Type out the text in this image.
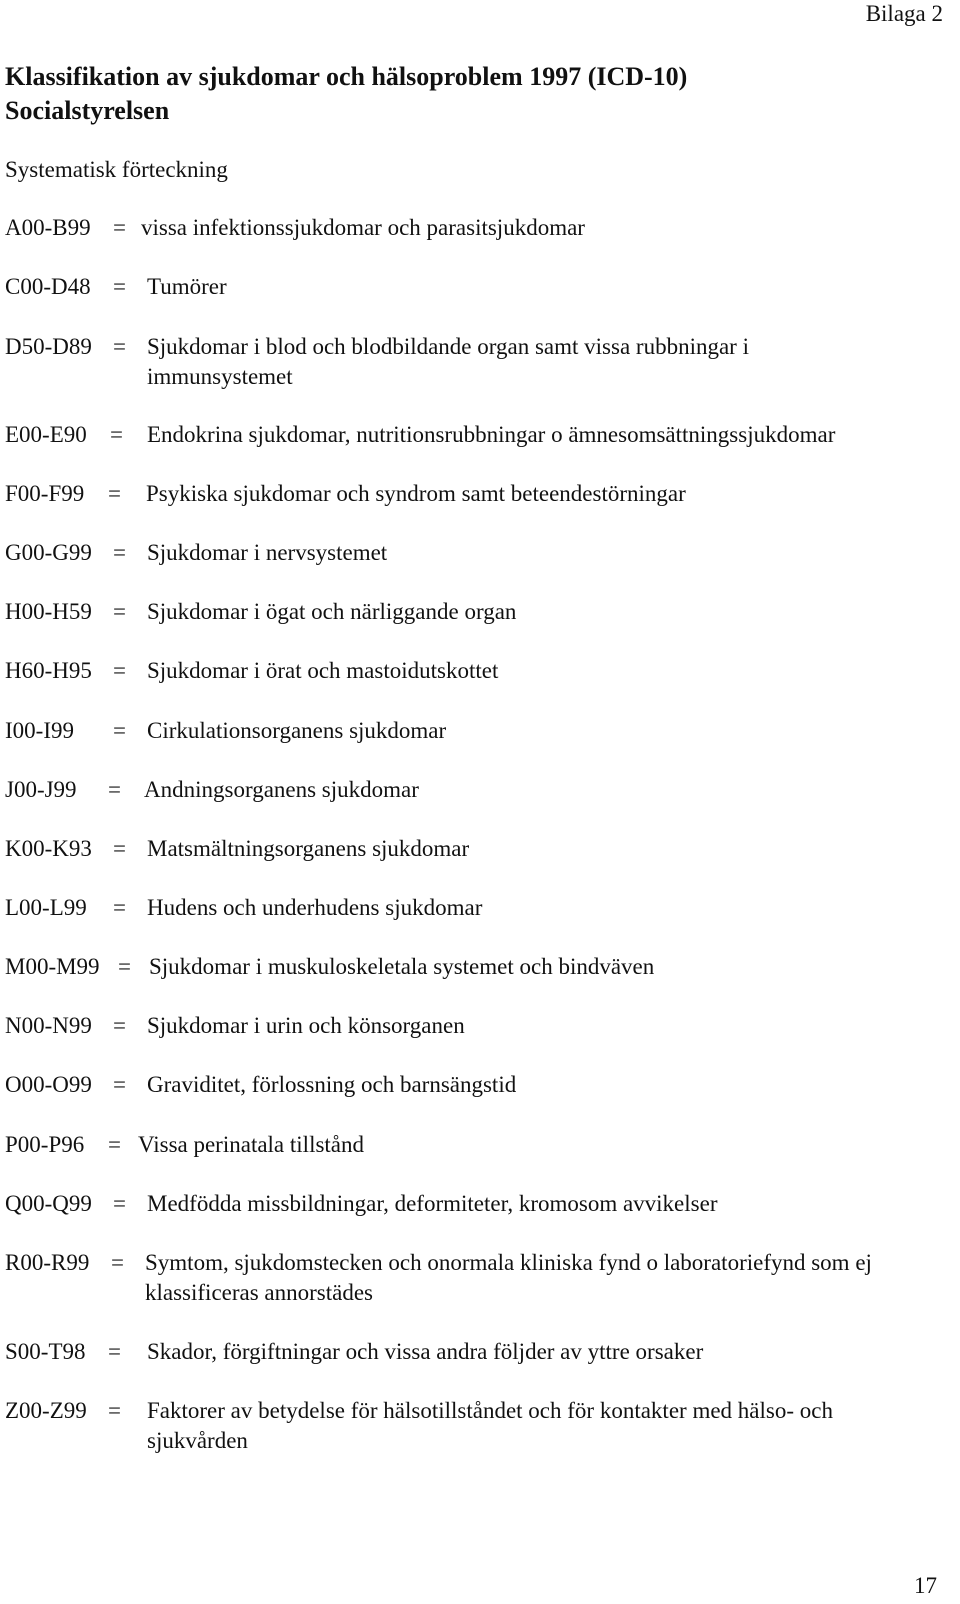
Bilaga 2
Klassifikation av sjukdomar och hälsoproblem 1997 (ICD-10)
Socialstyrelsen
Systematisk förteckning
A00-B99 = vissa infektionssjukdomar och parasitsjukdomar
C00-D48 = Tumörer
D50-D89 = Sjukdomar i blod och blodbildande organ samt vissa rubbningar i immunsystemet
E00-E90 = Endokrina sjukdomar, nutritionsrubbningar o ämnesomsättningssjukdomar
F00-F99 = Psykiska sjukdomar och syndrom samt beteendestörningar
G00-G99 = Sjukdomar i nervsystemet
H00-H59 = Sjukdomar i ögat och närliggande organ
H60-H95 = Sjukdomar i örat och mastoidutskottet
I00-I99 = Cirkulationsorganens sjukdomar
J00-J99 = Andningsorganens sjukdomar
K00-K93 = Matsmältningsorganens sjukdomar
L00-L99 = Hudens och underhudens sjukdomar
M00-M99 = Sjukdomar i muskuloskeletala systemet och bindväven
N00-N99 = Sjukdomar i urin och könsorganen
O00-O99 = Graviditet, förlossning och barnsängstid
P00-P96 = Vissa perinatala tillstånd
Q00-Q99 = Medfödda missbildningar, deformiteter, kromosom avvikelser
R00-R99 = Symtom, sjukdomstecken och onormala kliniska fynd o laboratoriefynd som ej klassificeras annorstädes
S00-T98 = Skador, förgiftningar och vissa andra följder av yttre orsaker
Z00-Z99 = Faktorer av betydelse för hälsotillståndet och för kontakter med hälso- och sjukvården
17
